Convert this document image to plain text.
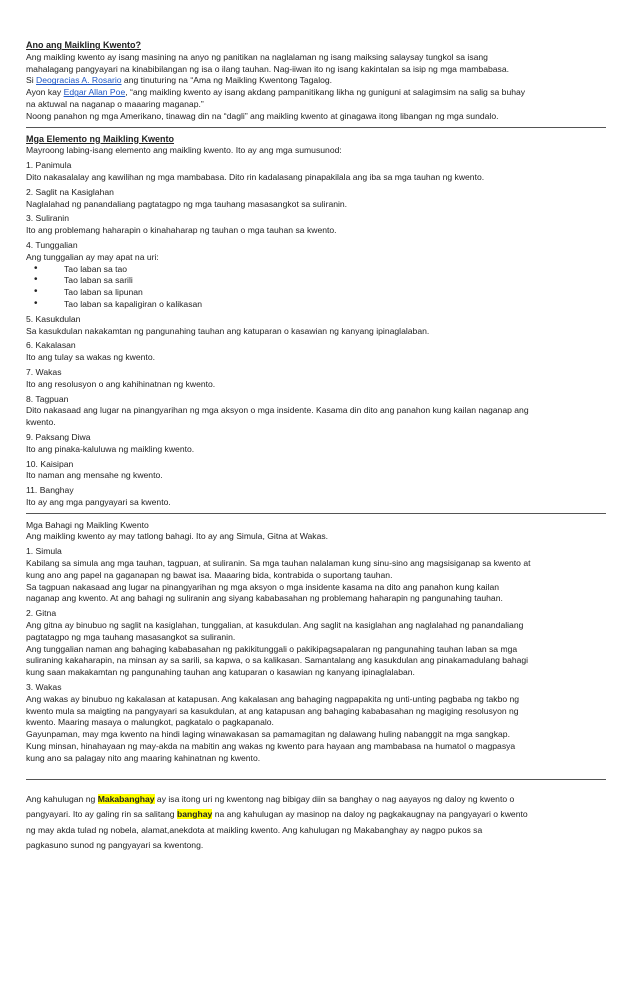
Ano ang Maikling Kwento?
Ang maikling kwento ay isang masining na anyo ng panitikan na naglalaman ng isang maiksing salaysay tungkol sa isang
mahalagang pangyayari na kinabibilangan ng isa o ilang tauhan. Nag-iiwan ito ng isang kakintalan sa isip ng mga mambabasa.
Si Deogracias A. Rosario ang tinuturing na “Ama ng Maikling Kwentong Tagalog.
Ayon kay Edgar Allan Poe, “ang maikling kwento ay isang akdang pampanitikang likha ng guniguni at salagimsim na salig sa buhay
na aktuwal na naganap o maaaring maganap.”
Noong panahon ng mga Amerikano, tinawag din na “dagli” ang maikling kwento at ginagawa itong libangan ng mga sundalo.
Mga Elemento ng Maikling Kwento
Mayroong labing-isang elemento ang maikling kwento. Ito ay ang mga sumusunod:
1. Panimula
Dito nakasalalay ang kawilihan ng mga mambabasa. Dito rin kadalasang pinapakilala ang iba sa mga tauhan ng kwento.
2. Saglit na Kasiglahan
Naglalahad ng panandaliang pagtatagpo ng mga tauhang masasangkot sa suliranin.
3. Suliranin
Ito ang problemang haharapin o kinahaharap ng tauhan o mga tauhan sa kwento.
4. Tunggalian
Ang tunggalian ay may apat na uri:
• Tao laban sa tao
• Tao laban sa sarili
• Tao laban sa lipunan
• Tao laban sa kapaligiran o kalikasan
5. Kasukdulan
Sa kasukdulan nakakamtan ng pangunahing tauhan ang katuparan o kasawian ng kanyang ipinaglalaban.
6. Kakalasan
Ito ang tulay sa wakas ng kwento.
7. Wakas
Ito ang resolusyon o ang kahihinatnan ng kwento.
8. Tagpuan
Dito nakasaad ang lugar na pinangyarihan ng mga aksyon o mga insidente. Kasama din dito ang panahon kung kailan naganap ang
kwento.
9. Paksang Diwa
Ito ang pinaka-kaluluwa ng maikling kwento.
10. Kaisipan
Ito naman ang mensahe ng kwento.
11. Banghay
Ito ay ang mga pangyayari sa kwento.
Mga Bahagi ng Maikling Kwento
Ang maikling kwento ay may tatlong bahagi. Ito ay ang Simula, Gitna at Wakas.
1. Simula
Kabilang sa simula ang mga tauhan, tagpuan, at suliranin. Sa mga tauhan nalalaman kung sinu-sino ang magsisiganap sa kwento at
kung ano ang papel na gaganapan ng bawat isa. Maaaring bida, kontrabida o suportang tauhan.
Sa tagpuan nakasaad ang lugar na pinangyarihan ng mga aksyon o mga insidente kasama na dito ang panahon kung kailan
naganap ang kwento. At ang bahagi ng suliranin ang siyang kababasahan ng problemang haharapin ng pangunahing tauhan.
2. Gitna
Ang gitna ay binubuo ng saglit na kasiglahan, tunggalian, at kasukdulan. Ang saglit na kasiglahan ang naglalahad ng panandaliang
pagtatagpo ng mga tauhang masasangkot sa suliranin.
Ang tunggalian naman ang bahaging kababasahan ng pakikitunggali o pakikipagsapalaran ng pangunahing tauhan laban sa mga
suliraning kakaharapin, na minsan ay sa sarili, sa kapwa, o sa kalikasan. Samantalang ang kasukdulan ang pinakamadulang bahagi
kung saan makakamtan ng pangunahing tauhan ang katuparan o kasawian ng kanyang ipinaglalaban.
3. Wakas
Ang wakas ay binubuo ng kakalasan at katapusan. Ang kakalasan ang bahaging nagpapakita ng unti-unting pagbaba ng takbo ng
kwento mula sa maigting na pangyayari sa kasukdulan, at ang katapusan ang bahaging kababasahan ng magiging resolusyon ng
kwento. Maaring masaya o malungkot, pagkatalo o pagkapanalo.
Gayunpaman, may mga kwento na hindi laging winawakasan sa pamamagitan ng dalawang huling nabanggit na mga sangkap.
Kung minsan, hinahayaan ng may-akda na mabitin ang wakas ng kwento para hayaan ang mambabasa na humatol o magpasya
kung ano sa palagay nito ang maaring kahinatnan ng kwento.
Ang kahulugan ng Makabanghay ay isa itong uri ng kwentong nag bibigay diin sa banghay o nag aayayos ng daloy ng kwento o
pangyayari. Ito ay galing rin sa salitang banghay na ang kahulugan ay masinop na daloy ng pagkakaugnay na pangyayari o kwento
ng may akda tulad ng nobela, alamat,anekdota at maikling kwento. Ang kahulugan ng Makabanghay ay nagpo pukos sa
pagkasuno sunod ng pangyayari sa kwentong.
